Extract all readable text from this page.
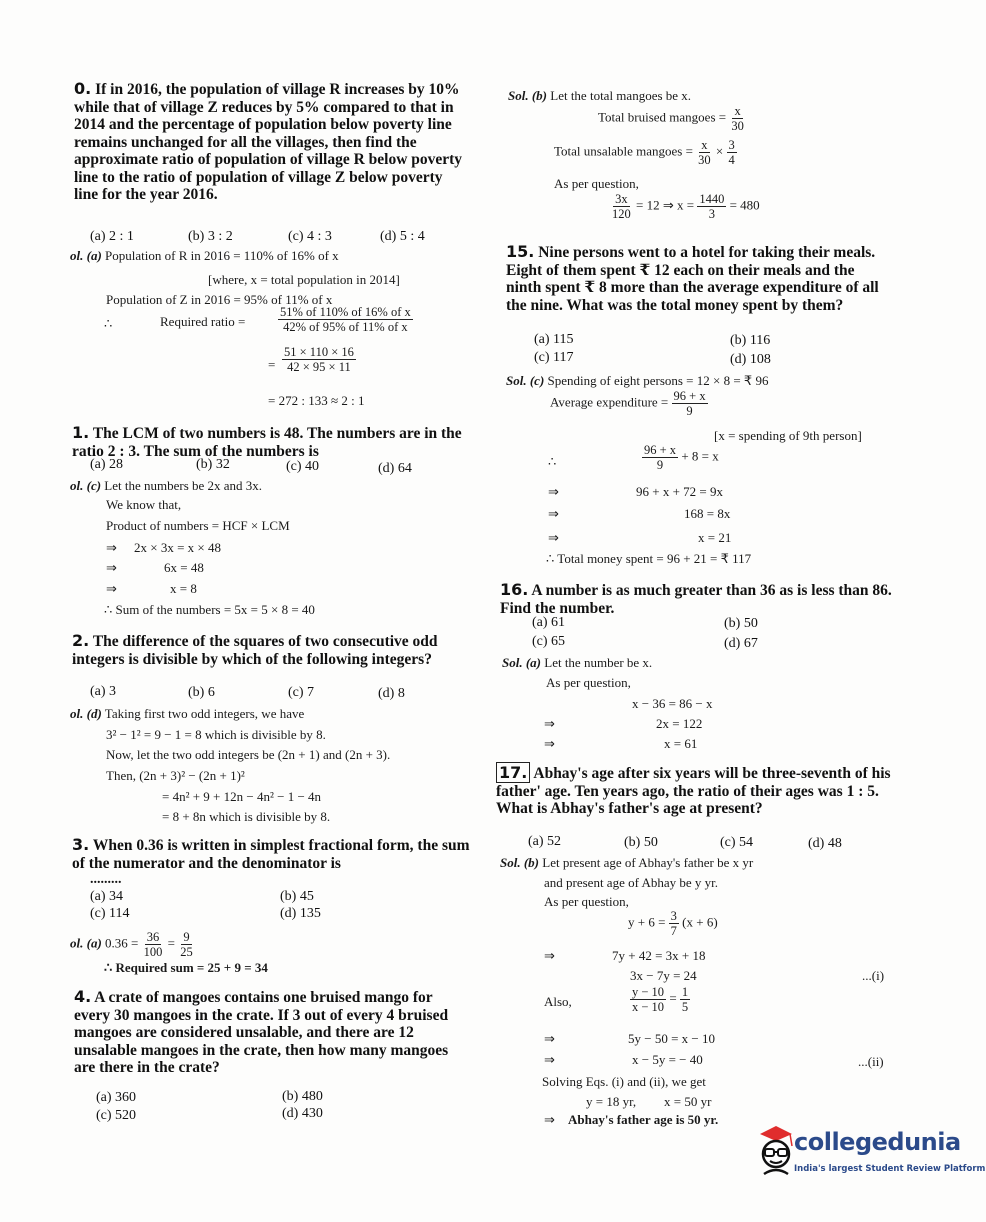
0. If in 2016, the population of village R increases by 10% while that of village Z reduces by 5% compared to that in 2014 and the percentage of population below poverty line remains unchanged for all the villages, then find the approximate ratio of population of village R below poverty line to the ratio of population of village Z below poverty line for the year 2016.
(a) 2 : 1	(b) 3 : 2	(c) 4 : 3	(d) 5 : 4
ol. (a) Population of R in 2016 = 110% of 16% of x
[where, x = total population in 2014]
Population of Z in 2016 = 95% of 11% of x
∴	Required ratio =	$\frac{\text{51\% of 110\% of 16\% of x}}{\text{42\% of 95\% of 11\% of x}}$
= $\frac{51 \times 110 \times 16}{42 \times 95 \times 11}$
= 272 : 133 ≈ 2 : 1
1. The LCM of two numbers is 48. The numbers are in the ratio 2 : 3. The sum of the numbers is
(a) 28	(b) 32	(c) 40	(d) 64
ol. (c) Let the numbers be 2x and 3x.
We know that,
Product of numbers = HCF × LCM
⇒ 2x × 3x = x × 48
⇒	6x = 48
⇒	x = 8
∴ Sum of the numbers = 5x = 5 × 8 = 40
2. The difference of the squares of two consecutive odd integers is divisible by which of the following integers?
(a) 3	(b) 6	(c) 7	(d) 8
ol. (d) Taking first two odd integers, we have
3² − 1² = 9 − 1 = 8 which is divisible by 8.
Now, let the two odd integers be (2n + 1) and (2n + 3).
Then, (2n + 3)² − (2n + 1)²
= 4n² + 9 + 12n − 4n² − 1 − 4n
= 8 + 8n which is divisible by 8.
3. When 0.36 is written in simplest fractional form, the sum of the numerator and the denominator is
.........
(a) 34	(b) 45
(c) 114	(d) 135
ol. (a) $0.36 = \frac{36}{100} = \frac{9}{25}$
∴ Required sum = 25 + 9 = 34
4. A crate of mangoes contains one bruised mango for every 30 mangoes in the crate. If 3 out of every 4 bruised mangoes are considered unsalable, and there are 12 unsalable mangoes in the crate, then how many mangoes are there in the crate?
(a) 360	(b) 480
(c) 520	(d) 430
Sol. (b) Let the total mangoes be x.
Total bruised mangoes = $\frac{x}{30}$
Total unsalable mangoes = $\frac{x}{30} \times \frac{3}{4}$
As per question,
$\frac{3x}{120} = 12$ ⇒ $x = \frac{1440}{3} = 480$
15. Nine persons went to a hotel for taking their meals. Eight of them spent ₹ 12 each on their meals and the ninth spent ₹ 8 more than the average expenditure of all the nine. What was the total money spent by them?
(a) 115	(b) 116
(c) 117	(d) 108
Sol. (c) Spending of eight persons = 12 × 8 = ₹ 96
Average expenditure = $\frac{96 + x}{9}$
[x = spending of 9th person]
∴	$\frac{96 + x}{9} + 8 = x$
⇒	96 + x + 72 = 9x
⇒	168 = 8x
⇒	x = 21
∴ Total money spent = 96 + 21 = ₹ 117
16. A number is as much greater than 36 as is less than 86. Find the number.
(a) 61	(b) 50
(c) 65	(d) 67
Sol. (a) Let the number be x.
As per question,
x − 36 = 86 − x
⇒	2x = 122
⇒	x = 61
17. Abhay's age after six years will be three-seventh of his father' age. Ten years ago, the ratio of their ages was 1 : 5. What is Abhay's father's age at present?
(a) 52	(b) 50	(c) 54	(d) 48
Sol. (b) Let present age of Abhay's father be x yr
and present age of Abhay be y yr.
As per question,
$y + 6 = \frac{3}{7} (x + 6)$
⇒	7y + 42 = 3x + 18
3x − 7y = 24	...(i)
Also,	$\frac{y - 10}{x - 10} = \frac{1}{5}$
⇒	5y − 50 = x − 10
⇒	x − 5y = − 40	...(ii)
Solving Eqs. (i) and (ii), we get
y = 18 yr, x = 50 yr
⇒ Abhay's father age is 50 yr.
collegedunia
India's largest Student Review Platform
